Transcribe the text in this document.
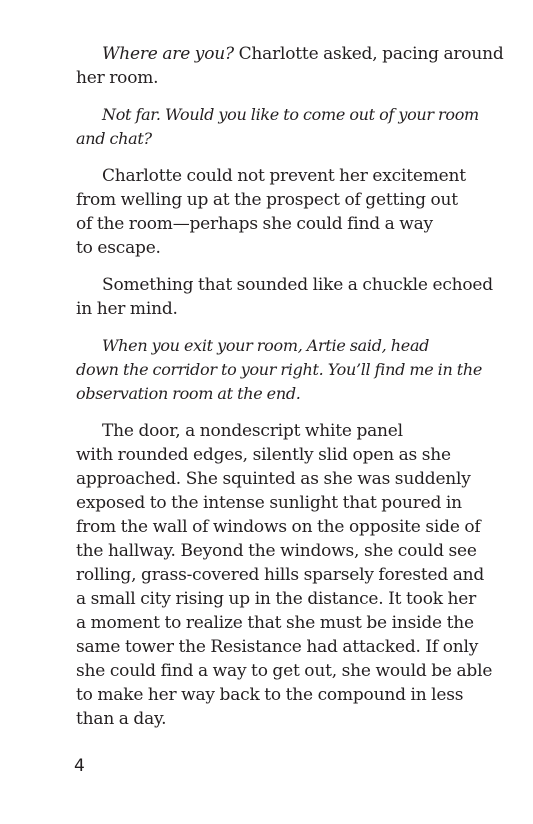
Where are you? Charlotte asked, pacing around
her room.

Not far. Would you like to come out of your room
and chat?

Charlotte could not prevent her excitement
from welling up at the prospect of getting out
of the room—perhaps she could find a way
to escape.

Something that sounded like a chuckle echoed
in her mind.

When you exit your room, Artie said, head
down the corridor to your right. You’ll find me in the
observation room at the end.

The door, a nondescript white panel
with rounded edges, silently slid open as she
approached. She squinted as she was suddenly
exposed to the intense sunlight that poured in
from the wall of windows on the opposite side of
the hallway. Beyond the windows, she could see
rolling, grass-covered hills sparsely forested and
a small city rising up in the distance. It took her
a moment to realize that she must be inside the
same tower the Resistance had attacked. If only
she could find a way to get out, she would be able
to make her way back to the compound in less
than a day.

4
